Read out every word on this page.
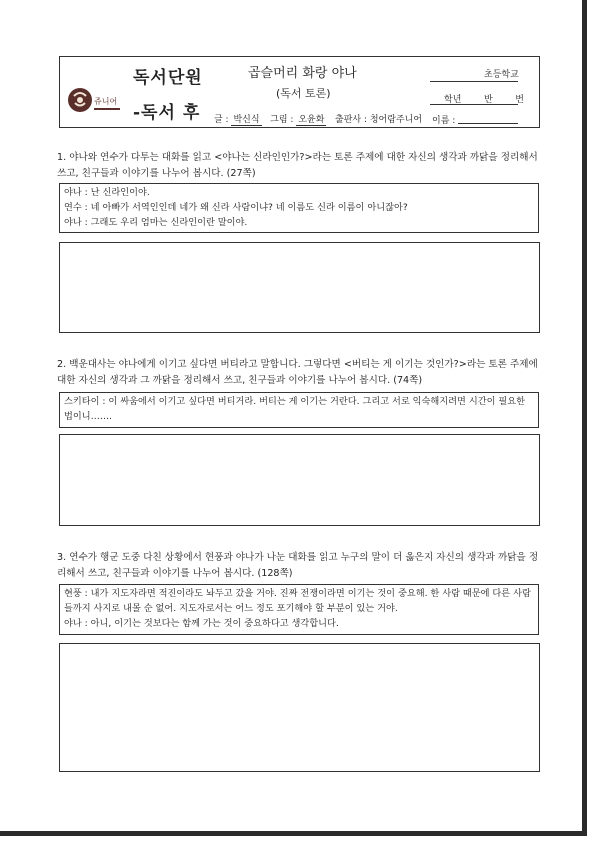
쥬니어
독서단원
-독서 후
곱슬머리 화랑 야나
(독서 토론)
글 : 박신식 그림 : 오윤화 출판사 : 청어람주니어
초등학교
학년	반	번
이름 :
1. 야나와 연수가 다투는 대화를 읽고 <야나는 신라인인가?>라는 토론 주제에 대한 자신의 생각과 까닭을 정리해서 쓰고, 친구들과 이야기를 나누어 봅시다. (27쪽)
야나 : 난 신라인이야.
연수 : 네 아빠가 서역인인데 네가 왜 신라 사람이냐? 네 이름도 신라 이름이 아니잖아?
야나 : 그래도 우리 엄마는 신라인이란 말이야.
2. 백운대사는 야나에게 이기고 싶다면 버티라고 말합니다. 그렇다면 <버티는 게 이기는 것인가?>라는 토론 주제에 대한 자신의 생각과 그 까닭을 정리해서 쓰고, 친구들과 이야기를 나누어 봅시다. (74쪽)
스키타이 : 이 싸움에서 이기고 싶다면 버티거라. 버티는 게 이기는 거란다. 그리고 서로 익숙해지려면 시간이 필요한 법이니…….
3. 연수가 행군 도중 다친 상황에서 현풍과 야나가 나눈 대화를 읽고 누구의 말이 더 옳은지 자신의 생각과 까닭을 정리해서 쓰고, 친구들과 이야기를 나누어 봅시다. (128쪽)
현풍 : 내가 지도자라면 적진이라도 놔두고 갔을 거야. 진짜 전쟁이라면 이기는 것이 중요해. 한 사람 때문에 다른 사람들까지 사지로 내몰 순 없어. 지도자로서는 어느 정도 포기해야 할 부분이 있는 거야.
야나 : 아니, 이기는 것보다는 함께 가는 것이 중요하다고 생각합니다.
